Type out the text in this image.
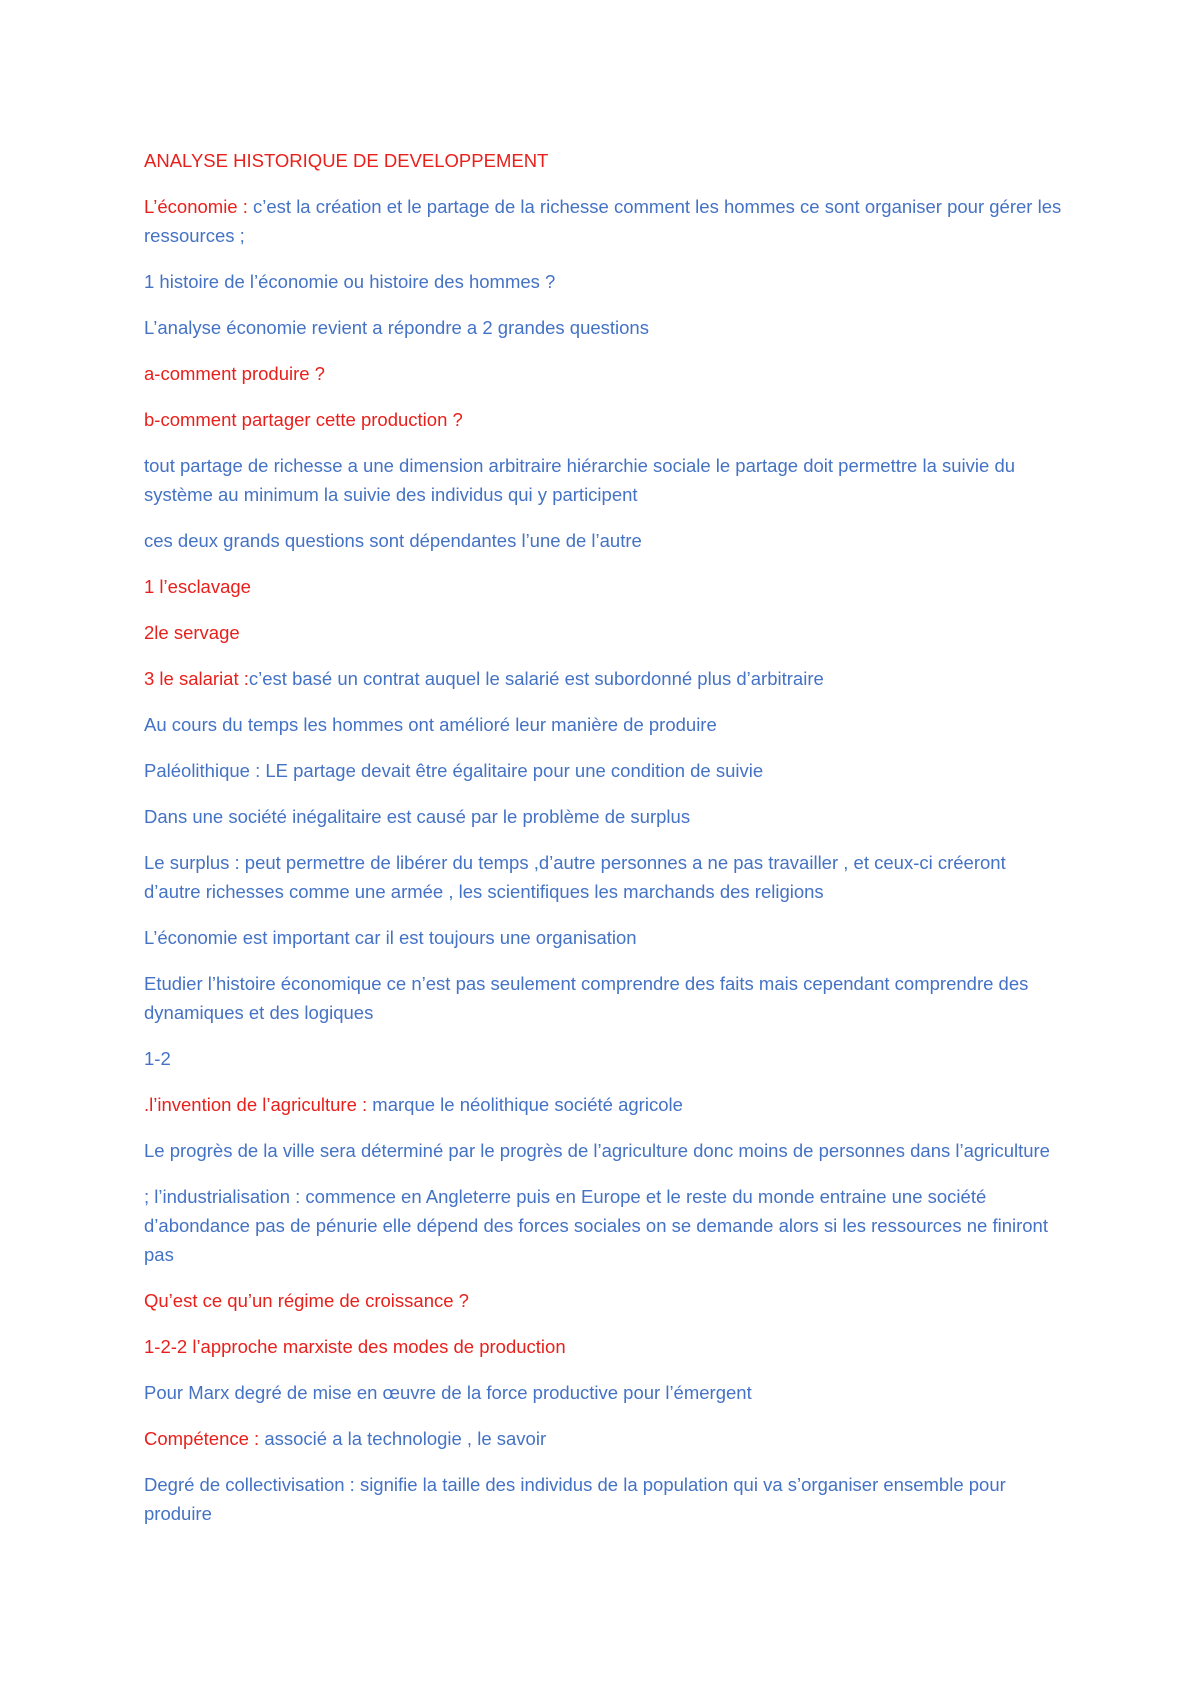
ANALYSE HISTORIQUE DE DEVELOPPEMENT
L’économie : c’est la création et le partage de la richesse comment les hommes ce sont organiser pour gérer les ressources ;
1 histoire de l’économie ou histoire des hommes ?
L’analyse économie revient a répondre a 2 grandes questions
a-comment produire ?
b-comment partager cette production ?
tout partage de richesse a une dimension arbitraire hiérarchie sociale le partage doit permettre la suivie du système au minimum la suivie des individus qui y participent
ces deux grands questions sont dépendantes l’une de l’autre
1 l’esclavage
2le servage
3 le salariat :c’est basé un contrat auquel le salarié est subordonné plus d’arbitraire
Au cours du temps les hommes ont amélioré leur manière de produire
Paléolithique : LE partage devait être égalitaire pour une condition de suivie
Dans une société inégalitaire est causé par le problème de surplus
Le surplus : peut permettre de libérer du temps ,d’autre personnes a ne pas travailler , et ceux-ci créeront d’autre richesses comme une armée , les scientifiques les marchands des religions
L’économie est important car il est toujours une organisation
Etudier l’histoire économique ce n’est pas seulement comprendre des faits mais cependant comprendre des dynamiques et des logiques
1-2
.l’invention de l’agriculture : marque le néolithique société agricole
Le progrès de la ville sera déterminé par le progrès de l’agriculture donc moins de personnes dans l’agriculture
; l’industrialisation : commence en Angleterre puis en Europe et le reste du monde entraine une société d’abondance pas de pénurie elle dépend des forces sociales on se demande alors si les ressources ne finiront pas
Qu’est ce qu’un régime de croissance ?
1-2-2 l’approche marxiste des modes de production
Pour Marx degré de mise en œuvre de la force productive pour l’émergent
Compétence : associé a la technologie , le savoir
Degré de collectivisation : signifie la taille des individus de la population qui va s’organiser ensemble pour produire
